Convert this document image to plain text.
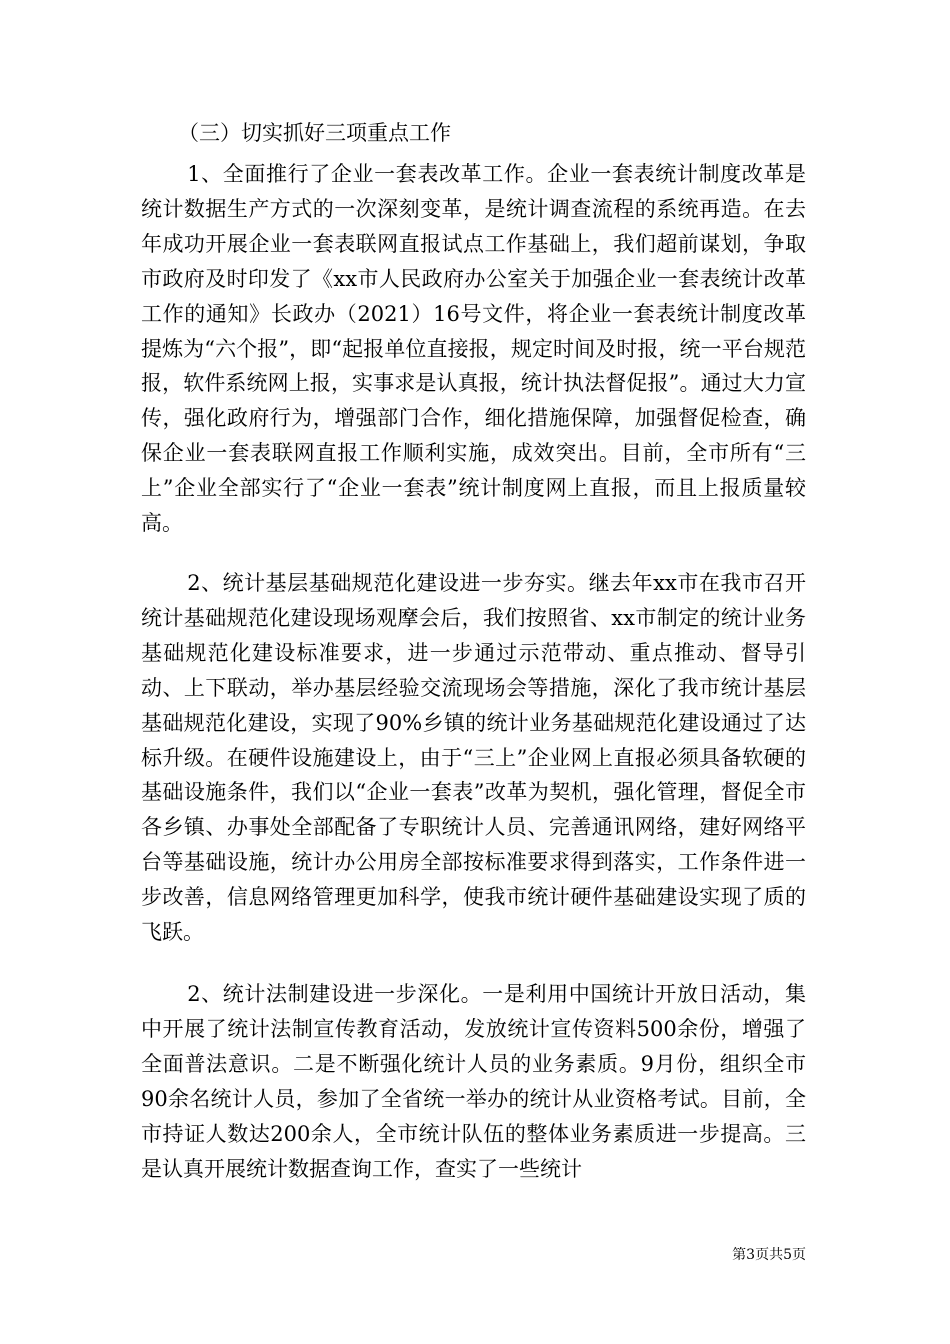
（三）切实抓好三项重点工作

1、全面推行了企业一套表改革工作。企业一套表统计制度改革是统计数据生产方式的一次深刻变革，是统计调查流程的系统再造。在去年成功开展企业一套表联网直报试点工作基础上，我们超前谋划，争取市政府及时印发了《xx市人民政府办公室关于加强企业一套表统计改革工作的通知》长政办（2021）16号文件，将企业一套表统计制度改革提炼为“六个报”，即“起报单位直接报，规定时间及时报，统一平台规范报，软件系统网上报，实事求是认真报，统计执法督促报”。通过大力宣传，强化政府行为，增强部门合作，细化措施保障，加强督促检查，确保企业一套表联网直报工作顺利实施，成效突出。目前，全市所有“三上”企业全部实行了“企业一套表”统计制度网上直报，而且上报质量较高。

2、统计基层基础规范化建设进一步夯实。继去年xx市在我市召开统计基础规范化建设现场观摩会后，我们按照省、xx市制定的统计业务基础规范化建设标准要求，进一步通过示范带动、重点推动、督导引动、上下联动，举办基层经验交流现场会等措施，深化了我市统计基层基础规范化建设，实现了90%乡镇的统计业务基础规范化建设通过了达标升级。在硬件设施建设上，由于“三上”企业网上直报必须具备软硬的基础设施条件，我们以“企业一套表”改革为契机，强化管理，督促全市各乡镇、办事处全部配备了专职统计人员、完善通讯网络，建好网络平台等基础设施，统计办公用房全部按标准要求得到落实，工作条件进一步改善，信息网络管理更加科学，使我市统计硬件基础建设实现了质的飞跃。

2、统计法制建设进一步深化。一是利用中国统计开放日活动，集中开展了统计法制宣传教育活动，发放统计宣传资料500余份，增强了全面普法意识。二是不断强化统计人员的业务素质。9月份，组织全市90余名统计人员，参加了全省统一举办的统计从业资格考试。目前，全市持证人数达200余人，全市统计队伍的整体业务素质进一步提高。三是认真开展统计数据查询工作，查实了一些统计

第3页共5页
